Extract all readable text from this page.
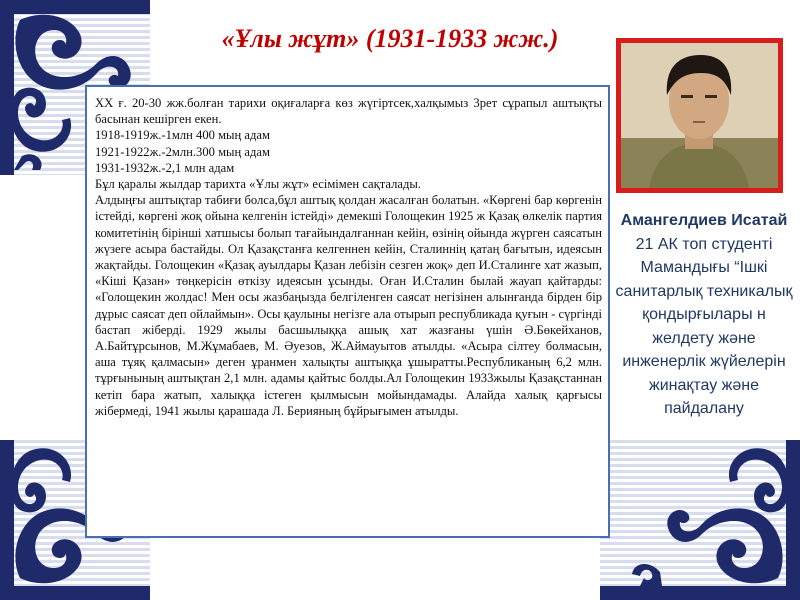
«Ұлы жұт» (1931-1933 жж.)

XX ғ. 20-30 жж.болған тарихи оқиғаларға көз жүгіртсек,халқымыз 3рет сұрапыл аштықты басынан кешірген екен.

1918-1919ж.-1млн 400 мың адам

1921-1922ж.-2млн.300 мың адам

1931-1932ж.-2,1 млн адам

Бұл қаралы жылдар тарихта «Ұлы жұт» есімімен сақталады.

Алдыңғы аштықтар табиғи болса,бұл аштық қолдан жасалған болатын. «Көргені бар көргенін істейді, көргені жоқ ойына келгенін істейді» демекші Голощекин 1925 ж Қазақ өлкелік партия комитетінің бірінші хатшысы болып тағайындалғаннан кейін, өзінің ойында жүрген саясатын жүзеге асыра бастайды. Ол Қазақстанға келгеннен кейін, Сталиннің қатаң бағытын, идеясын жақтайды. Голощекин «Қазақ ауылдары Қазан лебізін сезген жоқ» деп И.Сталинге хат жазып, «Кіші Қазан» төңкерісін өткізу идеясын ұсынды. Оған И.Сталин былай жауап қайтарды: «Голощекин жолдас! Мен осы жазбаңызда белгіленген саясат негізінен алынғанда бірден бір дұрыс саясат деп ойлаймын». Осы қаулыны негізге ала отырып республикада қуғын - сүргінді бастап жіберді. 1929 жылы басшылыққа ашық хат жазғаны үшін Ә.Бөкейханов, А.Байтұрсынов, М.Жұмабаев, М. Әуезов, Ж.Аймауытов атылды. «Асыра сілтеу болмасын, аша тұяқ қалмасын» деген ұранмен халықты аштыққа ұшыратты.Республиканың 6,2 млн. тұрғынының аштықтан 2,1 млн. адамы қайтыс болды.Ал Голощекин 1933жылы Қазақстаннан кетіп бара жатып, халыққа істеген қылмысын мойындамады. Алайда халық қарғысы жібермеді, 1941 жылы қарашада Л. Берияның бұйрығымен атылды.

Амангелдиев Исатай
21 АК топ студенті Мамандығы “Ішкі санитарлық техникалық қондырғылары н желдету және инженерлік жүйелерін жинақтау және пайдалану
